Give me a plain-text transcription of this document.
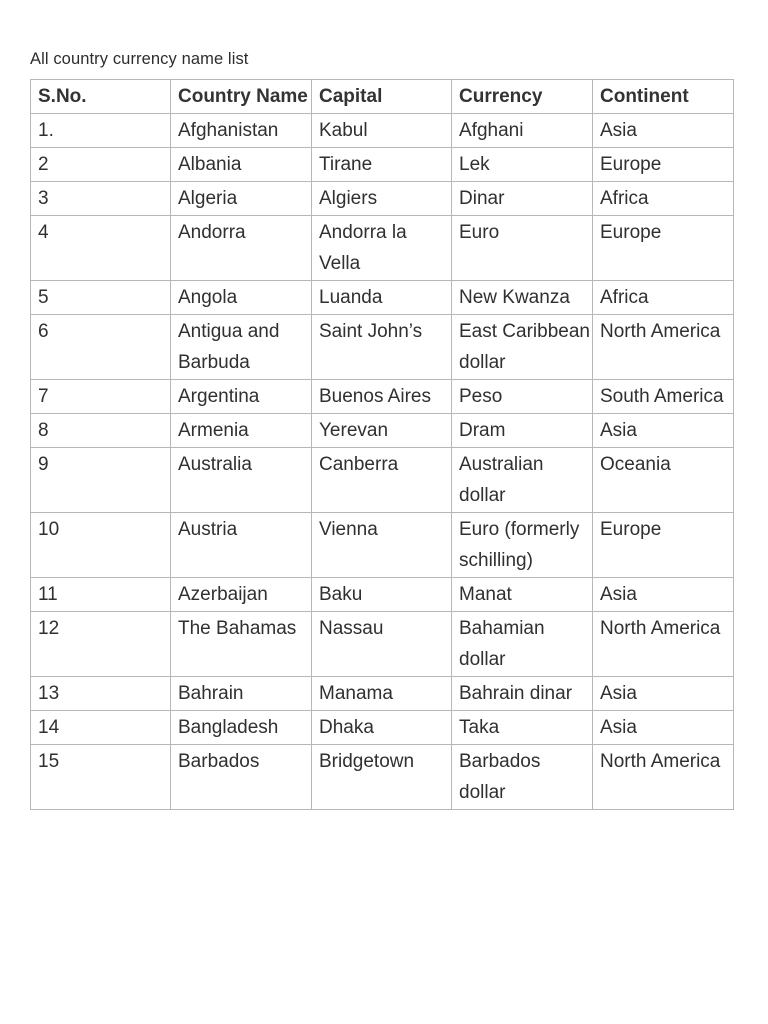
All country currency name list
S.No.	Country Name	Capital	Currency	Continent
1.	Afghanistan	Kabul	Afghani	Asia
2	Albania	Tirane	Lek	Europe
3	Algeria	Algiers	Dinar	Africa
4	Andorra	Andorra la Vella	Euro	Europe
5	Angola	Luanda	New Kwanza	Africa
6	Antigua and Barbuda	Saint John’s	East Caribbean dollar	North America
7	Argentina	Buenos Aires	Peso	South America
8	Armenia	Yerevan	Dram	Asia
9	Australia	Canberra	Australian dollar	Oceania
10	Austria	Vienna	Euro (formerly schilling)	Europe
11	Azerbaijan	Baku	Manat	Asia
12	The Bahamas	Nassau	Bahamian dollar	North America
13	Bahrain	Manama	Bahrain dinar	Asia
14	Bangladesh	Dhaka	Taka	Asia
15	Barbados	Bridgetown	Barbados dollar	North America
